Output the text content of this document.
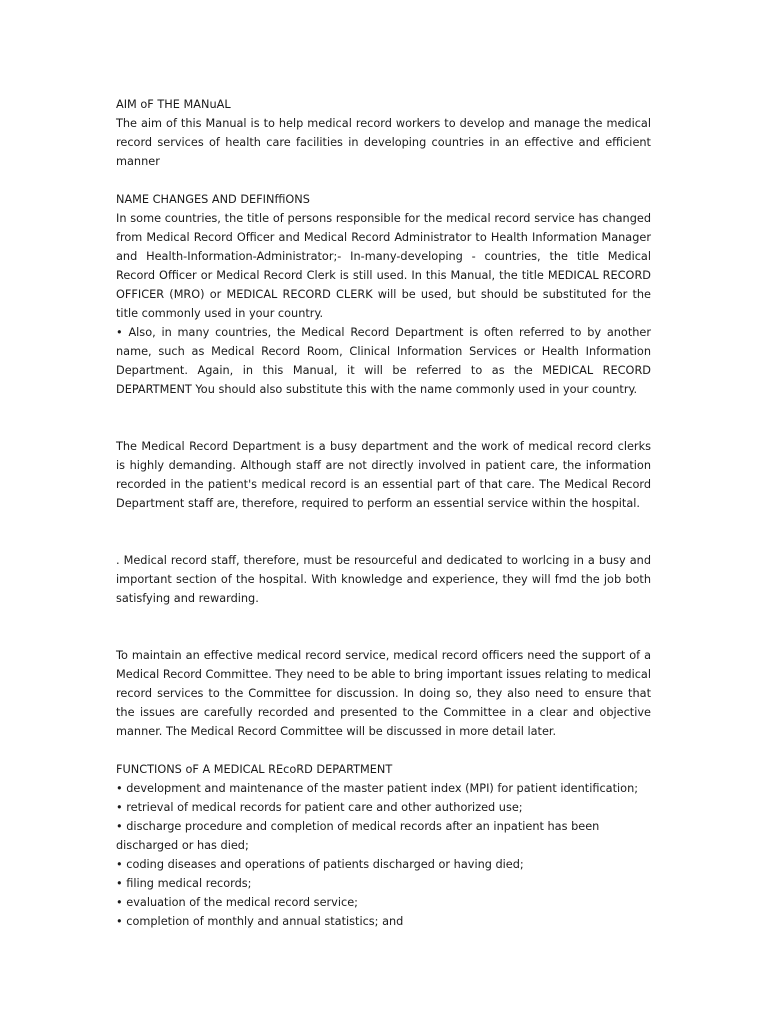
AIM oF THE MANuAL

The aim of this Manual is to help medical record workers to develop and manage the medical record services of health care facilities in developing countries in an effective and efficient manner

NAME CHANGES AND DEFINffiONS

In some countries, the title of persons responsible for the medical record service has changed from Medical Record Officer and Medical Record Administrator to Health Information Manager and Health-Information-Administrator;- In-many-developing - countries, the title Medical Record Officer or Medical Record Clerk is still used. In this Manual, the title MEDICAL RECORD OFFICER (MRO) or MEDICAL RECORD CLERK will be used, but should be substituted for the title commonly used in your country.

• Also, in many countries, the Medical Record Department is often referred to by another name, such as Medical Record Room, Clinical Information Services or Health Information Department. Again, in this Manual, it will be referred to as the MEDICAL RECORD DEPARTMENT You should also substitute this with the name commonly used in your country.

The Medical Record Department is a busy department and the work of medical record clerks is highly demanding. Although staff are not directly involved in patient care, the information recorded in the patient's medical record is an essential part of that care. The Medical Record Department staff are, therefore, required to perform an essential service within the hospital.

. Medical record staff, therefore, must be resourceful and dedicated to worlcing in a busy and important section of the hospital. With knowledge and experience, they will fmd the job both satisfying and rewarding.

To maintain an effective medical record service, medical record officers need the support of a Medical Record Committee. They need to be able to bring important issues relating to medical record services to the Committee for discussion. In doing so, they also need to ensure that the issues are carefully recorded and presented to the Committee in a clear and objective manner. The Medical Record Committee will be discussed in more detail later.

FUNCTIONS oF A MEDICAL REcoRD DEPARTMENT
• development and maintenance of the master patient index (MPI) for patient identification;
• retrieval of medical records for patient care and other authorized use;
• discharge procedure and completion of medical records after an inpatient has been discharged or has died;
• coding diseases and operations of patients discharged or having died;
• filing medical records;
• evaluation of the medical record service;
• completion of monthly and annual statistics; and
